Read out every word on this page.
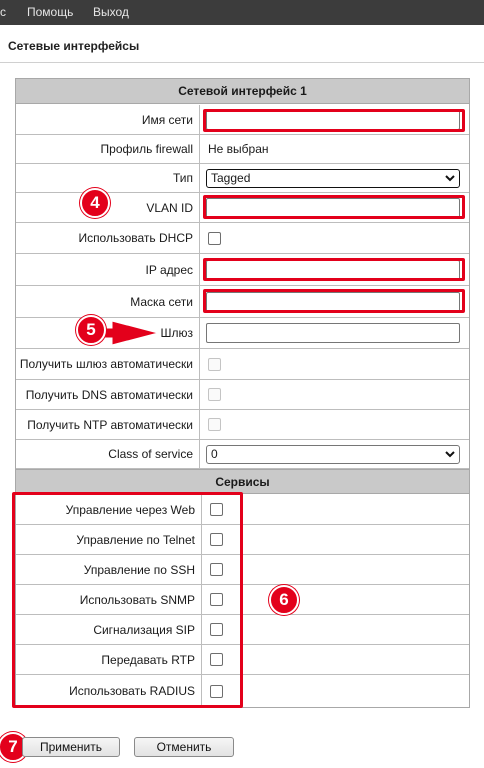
с Помощь Выход
Сетевые интерфейсы
Сетевой интерфейс 1
Имя сети
Профиль firewall	Не выбран
Тип	Tagged
VLAN ID
Использовать DHCP
IP адрес
Маска сети
Шлюз
Получить шлюз автоматически
Получить DNS автоматически
Получить NTP автоматически
Class of service	0
Сервисы
Управление через Web
Управление по Telnet
Управление по SSH
Использовать SNMP
Сигнализация SIP
Передавать RTP
Использовать RADIUS
4
5
6
7	Применить	Отменить
